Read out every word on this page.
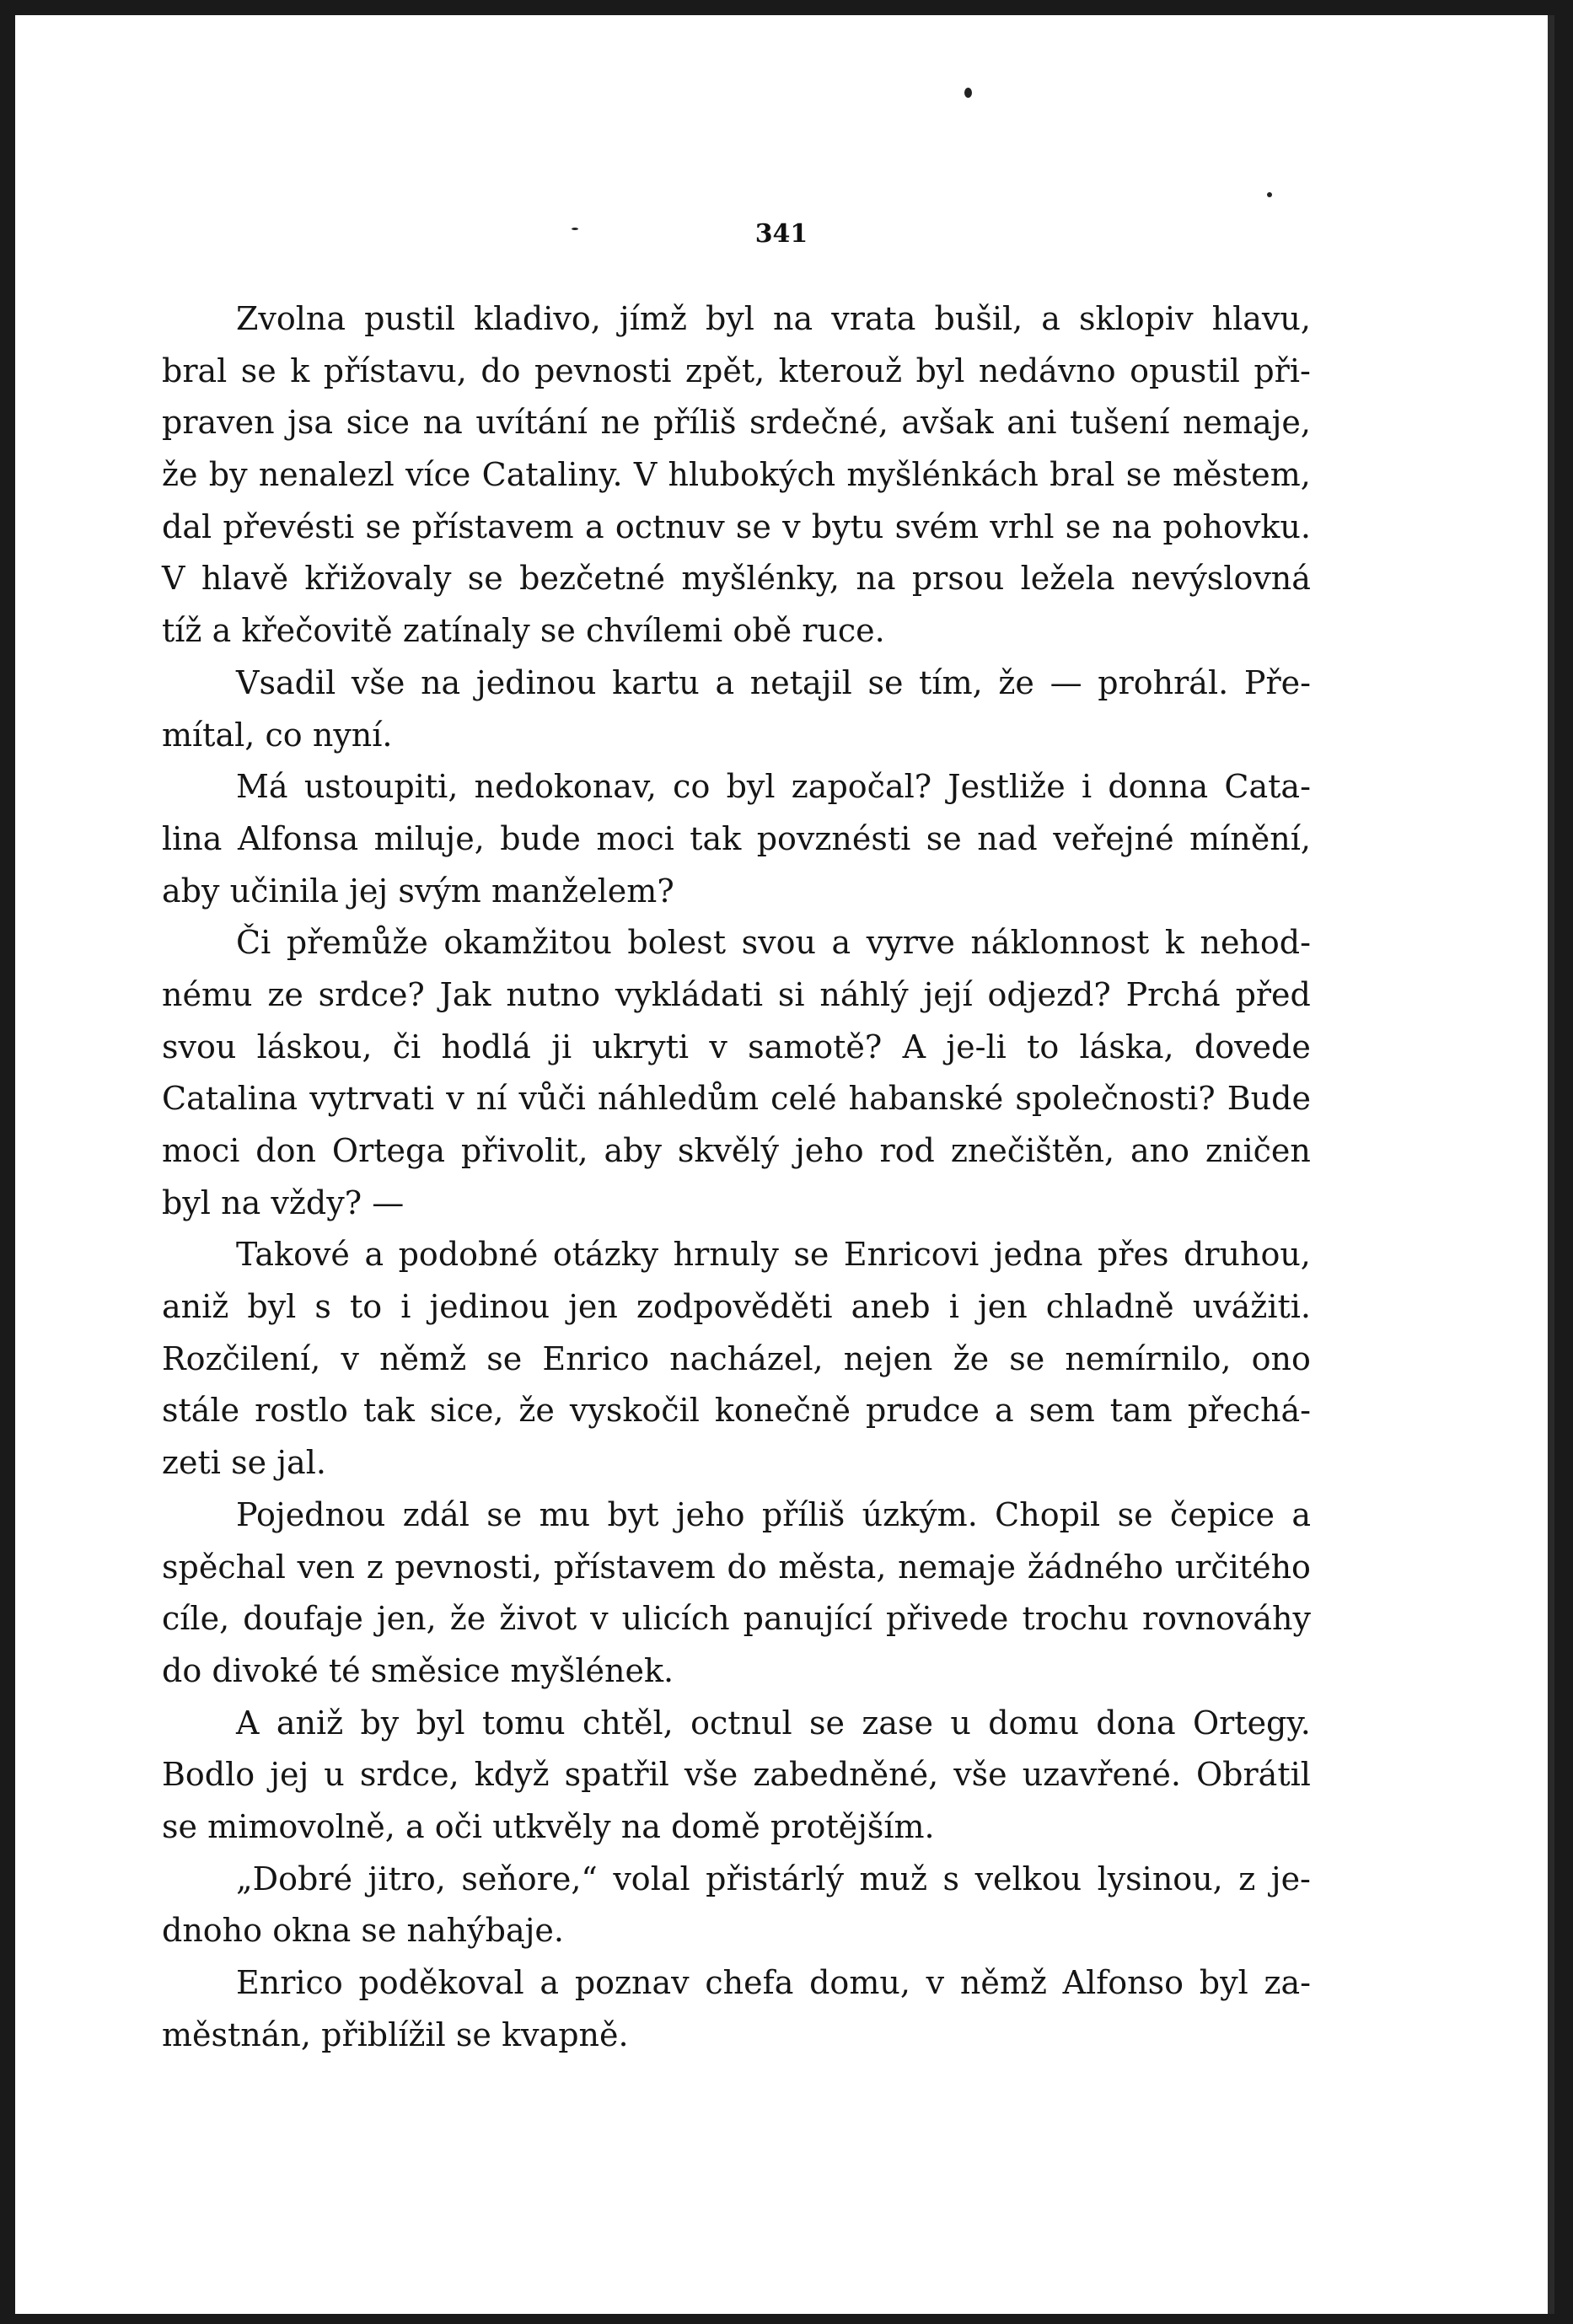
341
Zvolna pustil kladivo, jímž byl na vrata bušil, a sklopiv hlavu,
bral se k přístavu, do pevnosti zpět, kterouž byl nedávno opustil při-
praven jsa sice na uvítání ne příliš srdečné, avšak ani tušení nemaje,
že by nenalezl více Cataliny. V hlubokých myšlénkách bral se městem,
dal převésti se přístavem a octnuv se v bytu svém vrhl se na pohovku.
V hlavě křižovaly se bezčetné myšlénky, na prsou ležela nevýslovná
tíž a křečovitě zatínaly se chvílemi obě ruce.
Vsadil vše na jedinou kartu a netajil se tím, že — prohrál. Pře-
mítal, co nyní.
Má ustoupiti, nedokonav, co byl započal? Jestliže i donna Cata-
lina Alfonsa miluje, bude moci tak povznésti se nad veřejné mínění,
aby učinila jej svým manželem?
Či přemůže okamžitou bolest svou a vyrve náklonnost k nehod-
nému ze srdce? Jak nutno vykládati si náhlý její odjezd? Prchá před
svou láskou, či hodlá ji ukryti v samotě? A je-li to láska, dovede
Catalina vytrvati v ní vůči náhledům celé habanské společnosti? Bude
moci don Ortega přivolit, aby skvělý jeho rod znečištěn, ano zničen
byl na vždy? —
Takové a podobné otázky hrnuly se Enricovi jedna přes druhou,
aniž byl s to i jedinou jen zodpověděti aneb i jen chladně uvážiti.
Rozčilení, v němž se Enrico nacházel, nejen že se nemírnilo, ono
stále rostlo tak sice, že vyskočil konečně prudce a sem tam přechá-
zeti se jal.
Pojednou zdál se mu byt jeho příliš úzkým. Chopil se čepice a
spěchal ven z pevnosti, přístavem do města, nemaje žádného určitého
cíle, doufaje jen, že život v ulicích panující přivede trochu rovnováhy
do divoké té směsice myšlének.
A aniž by byl tomu chtěl, octnul se zase u domu dona Ortegy.
Bodlo jej u srdce, když spatřil vše zabedněné, vše uzavřené. Obrátil
se mimovolně, a oči utkvěly na domě protějším.
„Dobré jitro, seňore,“ volal přistárlý muž s velkou lysinou, z je-
dnoho okna se nahýbaje.
Enrico poděkoval a poznav chefa domu, v němž Alfonso byl za-
městnán, přiblížil se kvapně.
